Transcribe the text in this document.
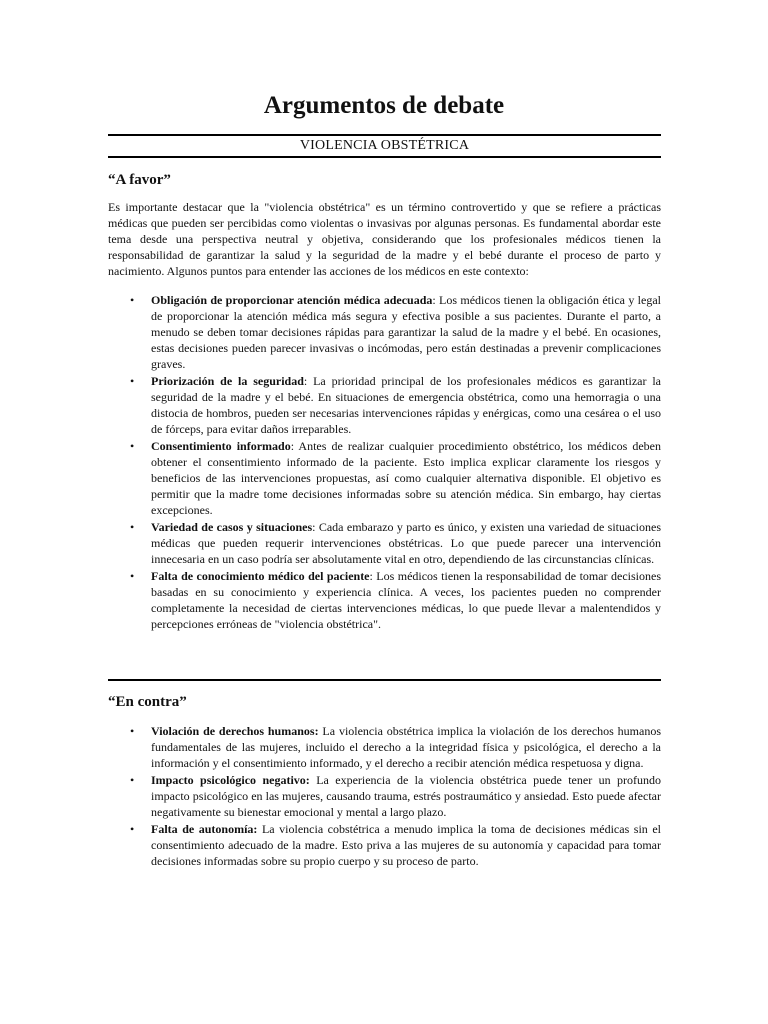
Argumentos de debate
VIOLENCIA OBSTÉTRICA
“A favor”

Es importante destacar que la "violencia obstétrica" es un término controvertido y que se refiere a prácticas médicas que pueden ser percibidas como violentas o invasivas por algunas personas. Es fundamental abordar este tema desde una perspectiva neutral y objetiva, considerando que los profesionales médicos tienen la responsabilidad de garantizar la salud y la seguridad de la madre y el bebé durante el proceso de parto y nacimiento. Algunos puntos para entender las acciones de los médicos en este contexto:

• Obligación de proporcionar atención médica adecuada: Los médicos tienen la obligación ética y legal de proporcionar la atención médica más segura y efectiva posible a sus pacientes. Durante el parto, a menudo se deben tomar decisiones rápidas para garantizar la salud de la madre y el bebé. En ocasiones, estas decisiones pueden parecer invasivas o incómodas, pero están destinadas a prevenir complicaciones graves.
• Priorización de la seguridad: La prioridad principal de los profesionales médicos es garantizar la seguridad de la madre y el bebé. En situaciones de emergencia obstétrica, como una hemorragia o una distocia de hombros, pueden ser necesarias intervenciones rápidas y enérgicas, como una cesárea o el uso de fórceps, para evitar daños irreparables.
• Consentimiento informado: Antes de realizar cualquier procedimiento obstétrico, los médicos deben obtener el consentimiento informado de la paciente. Esto implica explicar claramente los riesgos y beneficios de las intervenciones propuestas, así como cualquier alternativa disponible. El objetivo es permitir que la madre tome decisiones informadas sobre su atención médica. Sin embargo, hay ciertas excepciones.
• Variedad de casos y situaciones: Cada embarazo y parto es único, y existen una variedad de situaciones médicas que pueden requerir intervenciones obstétricas. Lo que puede parecer una intervención innecesaria en un caso podría ser absolutamente vital en otro, dependiendo de las circunstancias clínicas.
• Falta de conocimiento médico del paciente: Los médicos tienen la responsabilidad de tomar decisiones basadas en su conocimiento y experiencia clínica. A veces, los pacientes pueden no comprender completamente la necesidad de ciertas intervenciones médicas, lo que puede llevar a malentendidos y percepciones erróneas de "violencia obstétrica".
“En contra”
• Violación de derechos humanos: La violencia obstétrica implica la violación de los derechos humanos fundamentales de las mujeres, incluido el derecho a la integridad física y psicológica, el derecho a la información y el consentimiento informado, y el derecho a recibir atención médica respetuosa y digna.
• Impacto psicológico negativo: La experiencia de la violencia obstétrica puede tener un profundo impacto psicológico en las mujeres, causando trauma, estrés postraumático y ansiedad. Esto puede afectar negativamente su bienestar emocional y mental a largo plazo.
• Falta de autonomía: La violencia cobstétrica a menudo implica la toma de decisiones médicas sin el consentimiento adecuado de la madre. Esto priva a las mujeres de su autonomía y capacidad para tomar decisiones informadas sobre su propio cuerpo y su proceso de parto.
